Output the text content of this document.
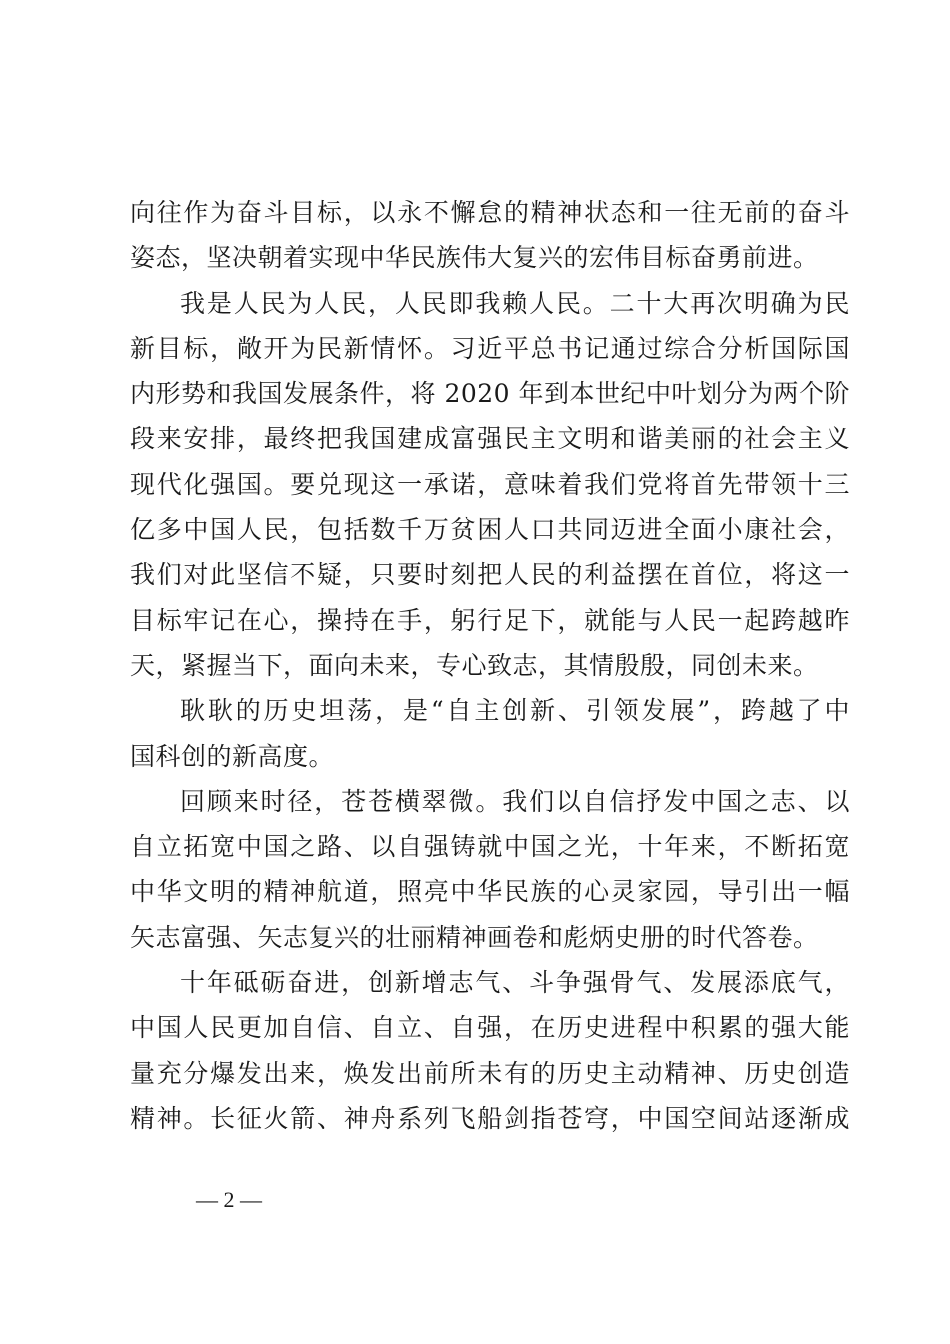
向往作为奋斗目标，以永不懈怠的精神状态和一往无前的奋斗
姿态，坚决朝着实现中华民族伟大复兴的宏伟目标奋勇前进。
我是人民为人民，人民即我赖人民。二十大再次明确为民
新目标，敞开为民新情怀。习近平总书记通过综合分析国际国
内形势和我国发展条件，将 2020 年到本世纪中叶划分为两个阶
段来安排，最终把我国建成富强民主文明和谐美丽的社会主义
现代化强国。要兑现这一承诺，意味着我们党将首先带领十三
亿多中国人民，包括数千万贫困人口共同迈进全面小康社会，
我们对此坚信不疑，只要时刻把人民的利益摆在首位，将这一
目标牢记在心，操持在手，躬行足下，就能与人民一起跨越昨
天，紧握当下，面向未来，专心致志，其情殷殷，同创未来。
耿耿的历史坦荡，是“自主创新、引领发展”，跨越了中
国科创的新高度。
回顾来时径，苍苍横翠微。我们以自信抒发中国之志、以
自立拓宽中国之路、以自强铸就中国之光，十年来，不断拓宽
中华文明的精神航道，照亮中华民族的心灵家园，导引出一幅
矢志富强、矢志复兴的壮丽精神画卷和彪炳史册的时代答卷。
十年砥砺奋进，创新增志气、斗争强骨气、发展添底气，
中国人民更加自信、自立、自强，在历史进程中积累的强大能
量充分爆发出来，焕发出前所未有的历史主动精神、历史创造
精神。长征火箭、神舟系列飞船剑指苍穹，中国空间站逐渐成
— 2 —
